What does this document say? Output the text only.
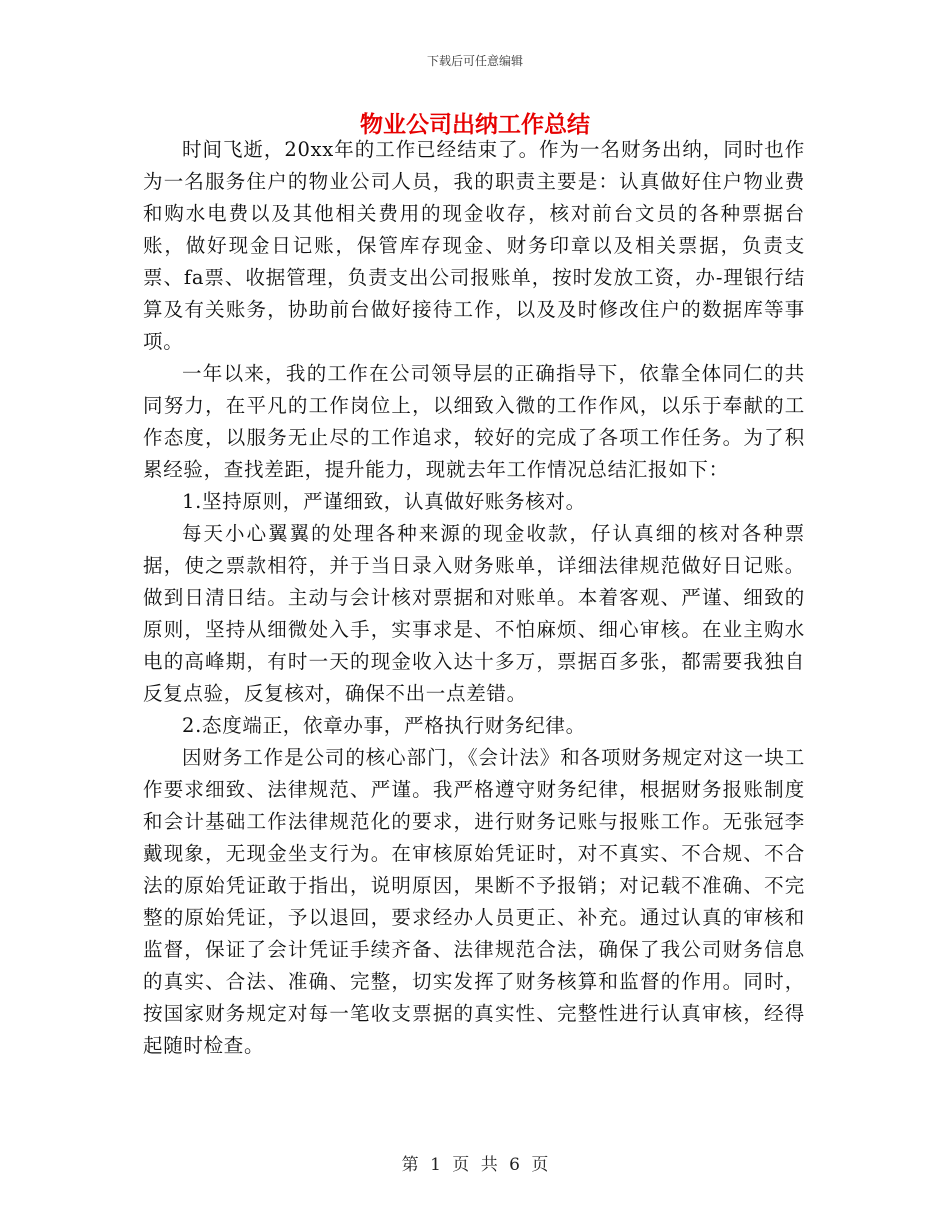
下载后可任意编辑
物业公司出纳工作总结

时间飞逝，20xx年的工作已经结束了。作为一名财务出纳，同时也作为一名服务住户的物业公司人员，我的职责主要是：认真做好住户物业费和购水电费以及其他相关费用的现金收存，核对前台文员的各种票据台账，做好现金日记账，保管库存现金、财务印章以及相关票据，负责支票、fa票、收据管理，负责支出公司报账单，按时发放工资，办-理银行结算及有关账务，协助前台做好接待工作，以及及时修改住户的数据库等事项。

一年以来，我的工作在公司领导层的正确指导下，依靠全体同仁的共同努力，在平凡的工作岗位上，以细致入微的工作作风，以乐于奉献的工作态度，以服务无止尽的工作追求，较好的完成了各项工作任务。为了积累经验，查找差距，提升能力，现就去年工作情况总结汇报如下：

1.坚持原则，严谨细致，认真做好账务核对。

每天小心翼翼的处理各种来源的现金收款，仔认真细的核对各种票据，使之票款相符，并于当日录入财务账单，详细法律规范做好日记账。做到日清日结。主动与会计核对票据和对账单。本着客观、严谨、细致的原则，坚持从细微处入手，实事求是、不怕麻烦、细心审核。在业主购水电的高峰期，有时一天的现金收入达十多万，票据百多张，都需要我独自反复点验，反复核对，确保不出一点差错。

2.态度端正，依章办事，严格执行财务纪律。

因财务工作是公司的核心部门，《会计法》和各项财务规定对这一块工作要求细致、法律规范、严谨。我严格遵守财务纪律，根据财务报账制度和会计基础工作法律规范化的要求，进行财务记账与报账工作。无张冠李戴现象，无现金坐支行为。在审核原始凭证时，对不真实、不合规、不合法的原始凭证敢于指出，说明原因，果断不予报销；对记载不准确、不完整的原始凭证，予以退回，要求经办人员更正、补充。通过认真的审核和监督，保证了会计凭证手续齐备、法律规范合法，确保了我公司财务信息的真实、合法、准确、完整，切实发挥了财务核算和监督的作用。同时，按国家财务规定对每一笔收支票据的真实性、完整性进行认真审核，经得起随时检查。

第 1 页 共 6 页
